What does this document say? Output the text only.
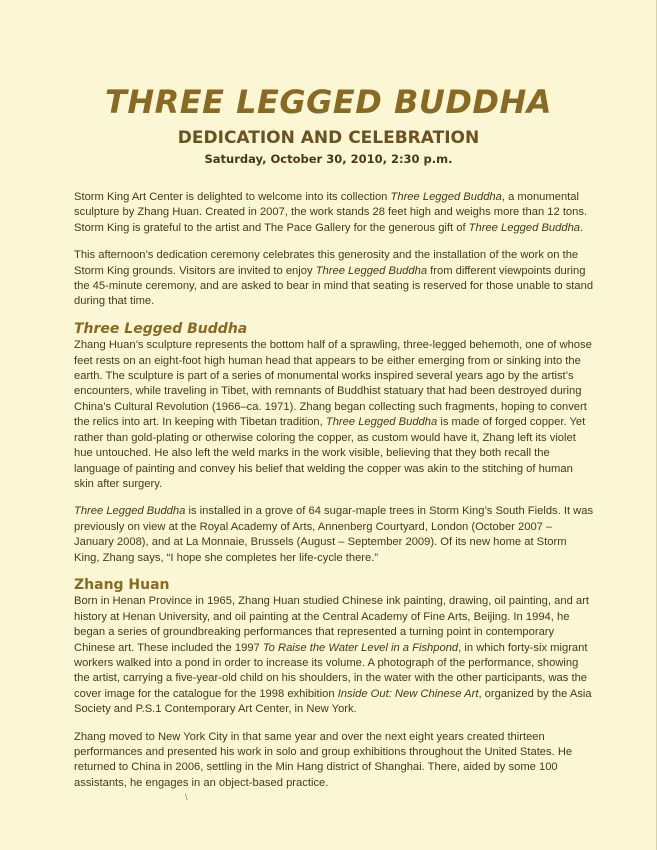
THREE LEGGED BUDDHA
DEDICATION AND CELEBRATION
Saturday, October 30, 2010, 2:30 p.m.

Storm King Art Center is delighted to welcome into its collection Three Legged Buddha, a monumental sculpture by Zhang Huan. Created in 2007, the work stands 28 feet high and weighs more than 12 tons. Storm King is grateful to the artist and The Pace Gallery for the generous gift of Three Legged Buddha.

This afternoon’s dedication ceremony celebrates this generosity and the installation of the work on the Storm King grounds. Visitors are invited to enjoy Three Legged Buddha from different viewpoints during the 45-minute ceremony, and are asked to bear in mind that seating is reserved for those unable to stand during that time.

Three Legged Buddha

Zhang Huan’s sculpture represents the bottom half of a sprawling, three-legged behemoth, one of whose feet rests on an eight-foot high human head that appears to be either emerging from or sinking into the earth. The sculpture is part of a series of monumental works inspired several years ago by the artist’s encounters, while traveling in Tibet, with remnants of Buddhist statuary that had been destroyed during China’s Cultural Revolution (1966–ca. 1971). Zhang began collecting such fragments, hoping to convert the relics into art. In keeping with Tibetan tradition, Three Legged Buddha is made of forged copper. Yet rather than gold-plating or otherwise coloring the copper, as custom would have it, Zhang left its violet hue untouched. He also left the weld marks in the work visible, believing that they both recall the language of painting and convey his belief that welding the copper was akin to the stitching of human skin after surgery.

Three Legged Buddha is installed in a grove of 64 sugar-maple trees in Storm King’s South Fields. It was previously on view at the Royal Academy of Arts, Annenberg Courtyard, London (October 2007 – January 2008), and at La Monnaie, Brussels (August – September 2009). Of its new home at Storm King, Zhang says, “I hope she completes her life-cycle there.”

Zhang Huan

Born in Henan Province in 1965, Zhang Huan studied Chinese ink painting, drawing, oil painting, and art history at Henan University, and oil painting at the Central Academy of Fine Arts, Beijing. In 1994, he began a series of groundbreaking performances that represented a turning point in contemporary Chinese art. These included the 1997 To Raise the Water Level in a Fishpond, in which forty-six migrant workers walked into a pond in order to increase its volume. A photograph of the performance, showing the artist, carrying a five-year-old child on his shoulders, in the water with the other participants, was the cover image for the catalogue for the 1998 exhibition Inside Out: New Chinese Art, organized by the Asia Society and P.S.1 Contemporary Art Center, in New York.

Zhang moved to New York City in that same year and over the next eight years created thirteen performances and presented his work in solo and group exhibitions throughout the United States. He returned to China in 2006, settling in the Min Hang district of Shanghai. There, aided by some 100 assistants, he engages in an object-based practice.

\
